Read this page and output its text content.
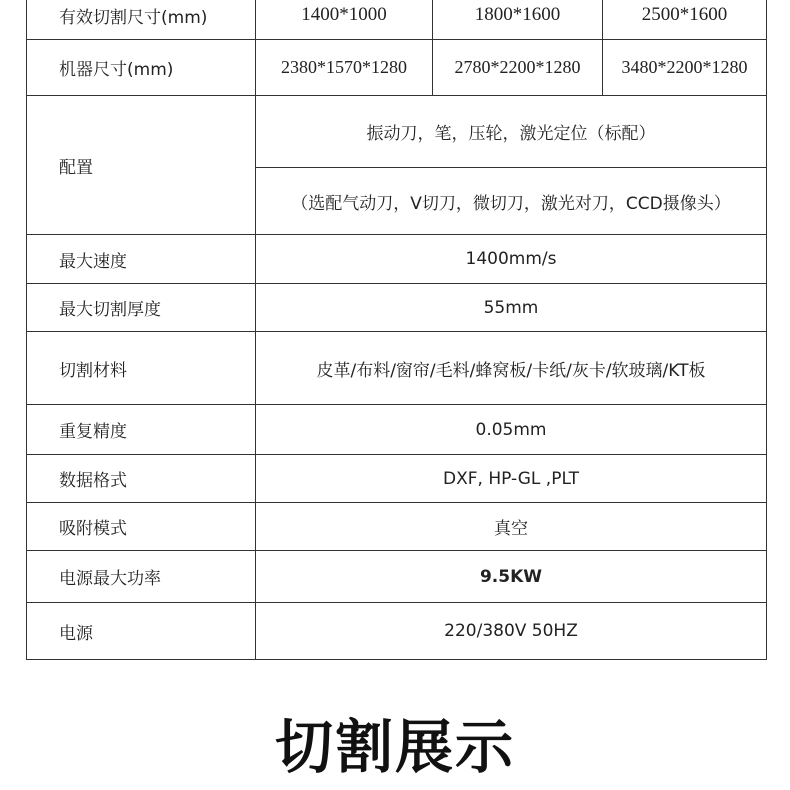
有效切割尺寸(mm)	1400*1000	1800*1600	2500*1600
机器尺寸(mm)	2380*1570*1280	2780*2200*1280	3480*2200*1280
配置	振动刀，笔，压轮，激光定位（标配）		
	（选配气动刀，V切刀，微切刀，激光对刀，CCD摄像头）		
最大速度	1400mm/s		
最大切割厚度	55mm		
切割材料	皮革/布料/窗帘/毛料/蜂窝板/卡纸/灰卡/软玻璃/KT板		
重复精度	0.05mm		
数据格式	DXF, HP-GL ,PLT		
吸附模式	真空		
电源最大功率	9.5KW		
电源	220/380V 50HZ		
切割展示
